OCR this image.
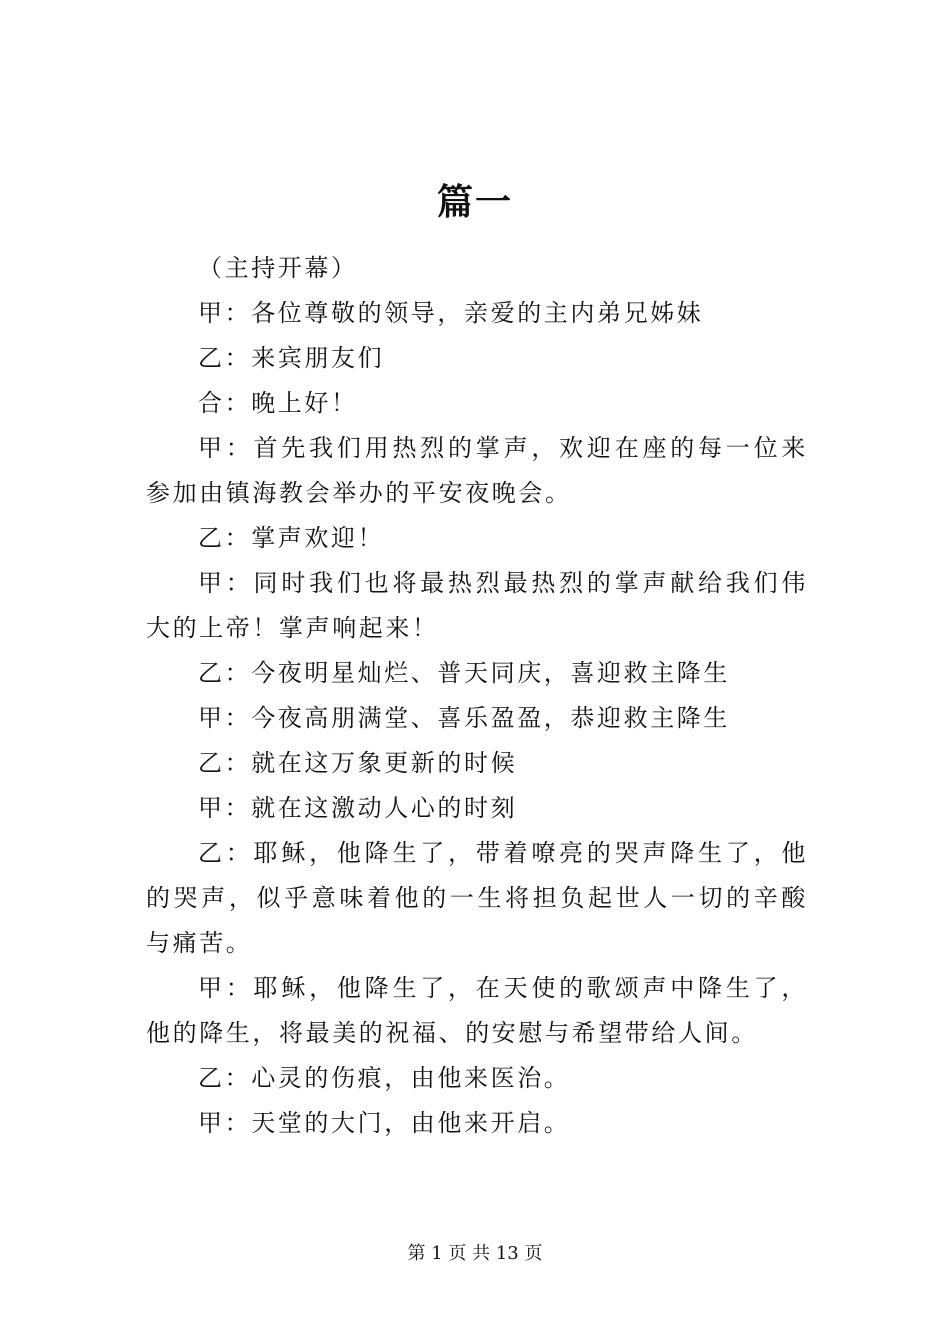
篇一

（主持开幕）

甲：各位尊敬的领导，亲爱的主内弟兄姊妹

乙：来宾朋友们

合：晚上好！

甲：首先我们用热烈的掌声，欢迎在座的每一位来参加由镇海教会举办的平安夜晚会。

乙：掌声欢迎！

甲：同时我们也将最热烈最热烈的掌声献给我们伟大的上帝！掌声响起来！

乙：今夜明星灿烂、普天同庆，喜迎救主降生

甲：今夜高朋满堂、喜乐盈盈，恭迎救主降生

乙：就在这万象更新的时候

甲：就在这激动人心的时刻

乙：耶稣，他降生了，带着嘹亮的哭声降生了，他的哭声，似乎意味着他的一生将担负起世人一切的辛酸与痛苦。

甲：耶稣，他降生了，在天使的歌颂声中降生了，他的降生，将最美的祝福、的安慰与希望带给人间。

乙：心灵的伤痕，由他来医治。

甲：天堂的大门，由他来开启。

第 1 页 共 13 页
